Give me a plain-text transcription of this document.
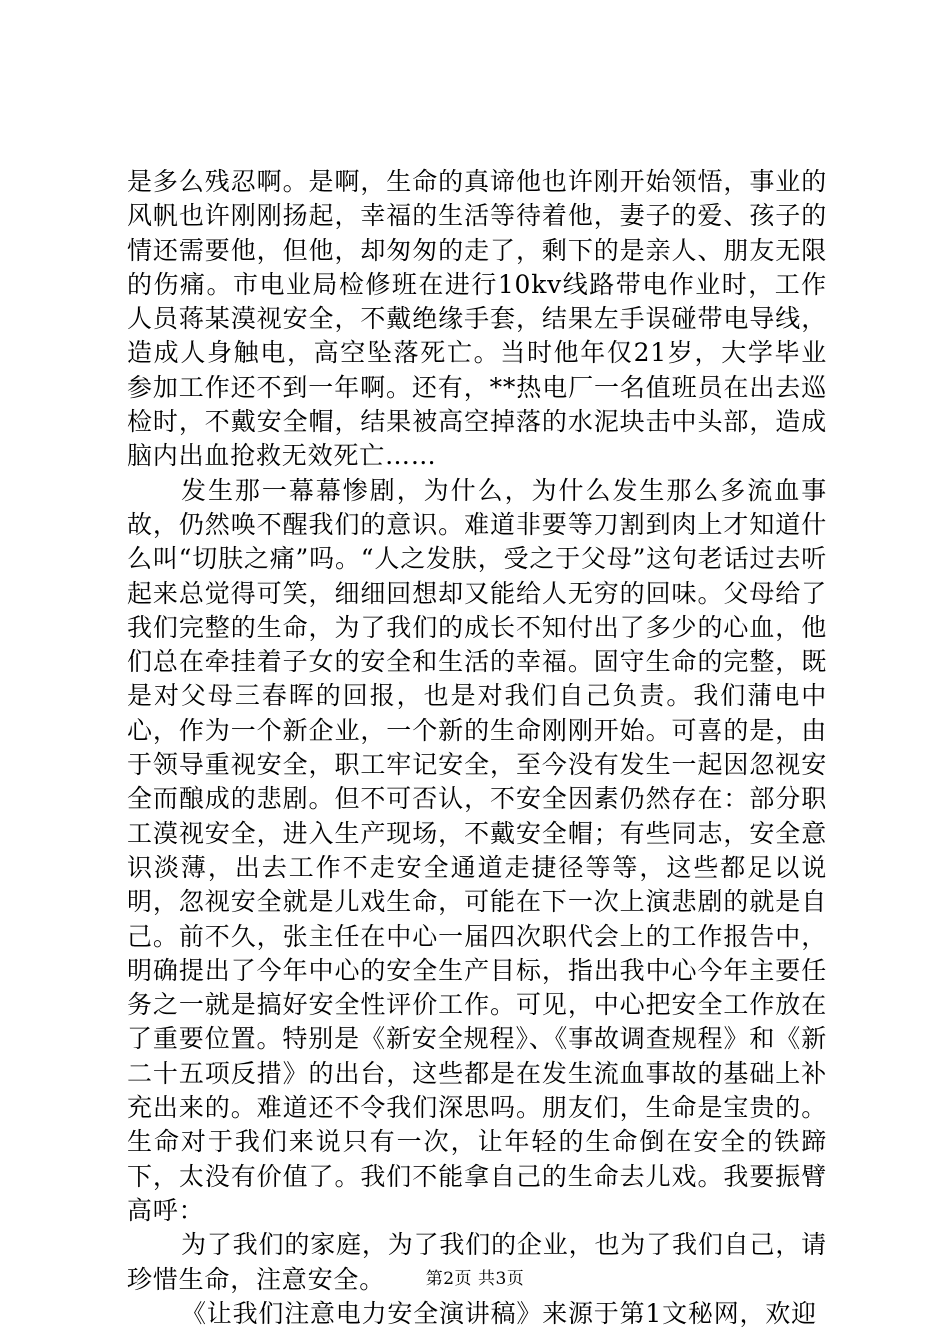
是多么残忍啊。是啊，生命的真谛他也许刚开始领悟，事业的风帆也许刚刚扬起，幸福的生活等待着他，妻子的爱、孩子的情还需要他，但他，却匆匆的走了，剩下的是亲人、朋友无限的伤痛。市电业局检修班在进行10kv线路带电作业时，工作人员蒋某漠视安全，不戴绝缘手套，结果左手误碰带电导线，造成人身触电，高空坠落死亡。当时他年仅21岁，大学毕业参加工作还不到一年啊。还有，**热电厂一名值班员在出去巡检时，不戴安全帽，结果被高空掉落的水泥块击中头部，造成脑内出血抢救无效死亡……

发生那一幕幕惨剧，为什么，为什么发生那么多流血事故，仍然唤不醒我们的意识。难道非要等刀割到肉上才知道什么叫“切肤之痛”吗。“人之发肤，受之于父母”这句老话过去听起来总觉得可笑，细细回想却又能给人无穷的回味。父母给了我们完整的生命，为了我们的成长不知付出了多少的心血，他们总在牵挂着子女的安全和生活的幸福。固守生命的完整，既是对父母三春晖的回报，也是对我们自己负责。我们蒲电中心，作为一个新企业，一个新的生命刚刚开始。可喜的是，由于领导重视安全，职工牢记安全，至今没有发生一起因忽视安全而酿成的悲剧。但不可否认，不安全因素仍然存在：部分职工漠视安全，进入生产现场，不戴安全帽；有些同志，安全意识淡薄，出去工作不走安全通道走捷径等等，这些都足以说明，忽视安全就是儿戏生命，可能在下一次上演悲剧的就是自己。前不久，张主任在中心一届四次职代会上的工作报告中，明确提出了今年中心的安全生产目标，指出我中心今年主要任务之一就是搞好安全性评价工作。可见，中心把安全工作放在了重要位置。特别是《新安全规程》、《事故调查规程》和《新二十五项反措》的出台，这些都是在发生流血事故的基础上补充出来的。难道还不令我们深思吗。朋友们，生命是宝贵的。生命对于我们来说只有一次，让年轻的生命倒在安全的铁蹄下，太没有价值了。我们不能拿自己的生命去儿戏。我要振臂高呼：

为了我们的家庭，为了我们的企业，也为了我们自己，请珍惜生命，注意安全。

《让我们注意电力安全演讲稿》来源于第1文秘网，欢迎

第2页 共3页
